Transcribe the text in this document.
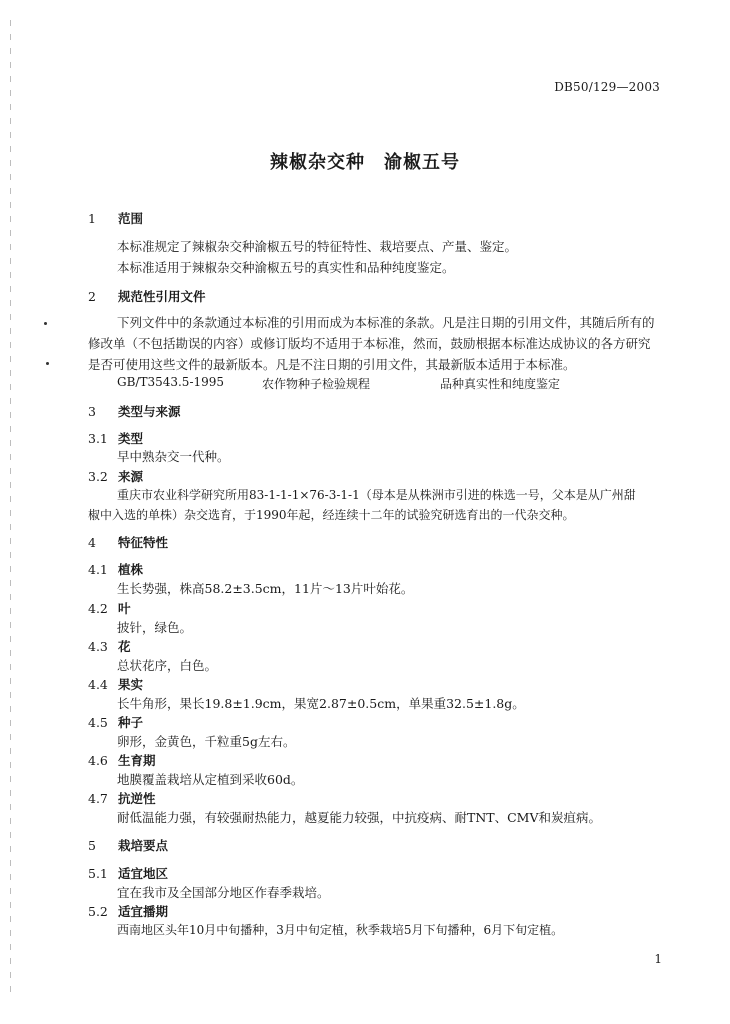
DB50/129—2003
辣椒杂交种　渝椒五号
1 范围
本标准规定了辣椒杂交种渝椒五号的特征特性、栽培要点、产量、鉴定。
本标准适用于辣椒杂交种渝椒五号的真实性和品种纯度鉴定。
2 规范性引用文件
下列文件中的条款通过本标准的引用而成为本标准的条款。凡是注日期的引用文件，其随后所有的
修改单（不包括勘误的内容）或修订版均不适用于本标准，然而，鼓励根据本标准达成协议的各方研究
是否可使用这些文件的最新版本。凡是不注日期的引用文件，其最新版本适用于本标准。
GB/T3543.5-1995	农作物种子检验规程	品种真实性和纯度鉴定
3 类型与来源
3.1 类型
早中熟杂交一代种。
3.2 来源
重庆市农业科学研究所用83-1-1-1×76-3-1-1（母本是从株洲市引进的株选一号，父本是从广州甜
椒中入选的单株）杂交选育，于1990年起，经连续十二年的试验究研选育出的一代杂交种。
4 特征特性
4.1 植株
生长势强，株高58.2±3.5cm，11片～13片叶始花。
4.2 叶
披针，绿色。
4.3 花
总状花序，白色。
4.4 果实
长牛角形，果长19.8±1.9cm，果宽2.87±0.5cm，单果重32.5±1.8g。
4.5 种子
卵形，金黄色，千粒重5g左右。
4.6 生育期
地膜覆盖栽培从定植到采收60d。
4.7 抗逆性
耐低温能力强，有较强耐热能力，越夏能力较强，中抗疫病、耐TNT、CMV和炭疽病。
5 栽培要点
5.1 适宜地区
宜在我市及全国部分地区作春季栽培。
5.2 适宜播期
西南地区头年10月中旬播种，3月中旬定植，秋季栽培5月下旬播种，6月下旬定植。
1
